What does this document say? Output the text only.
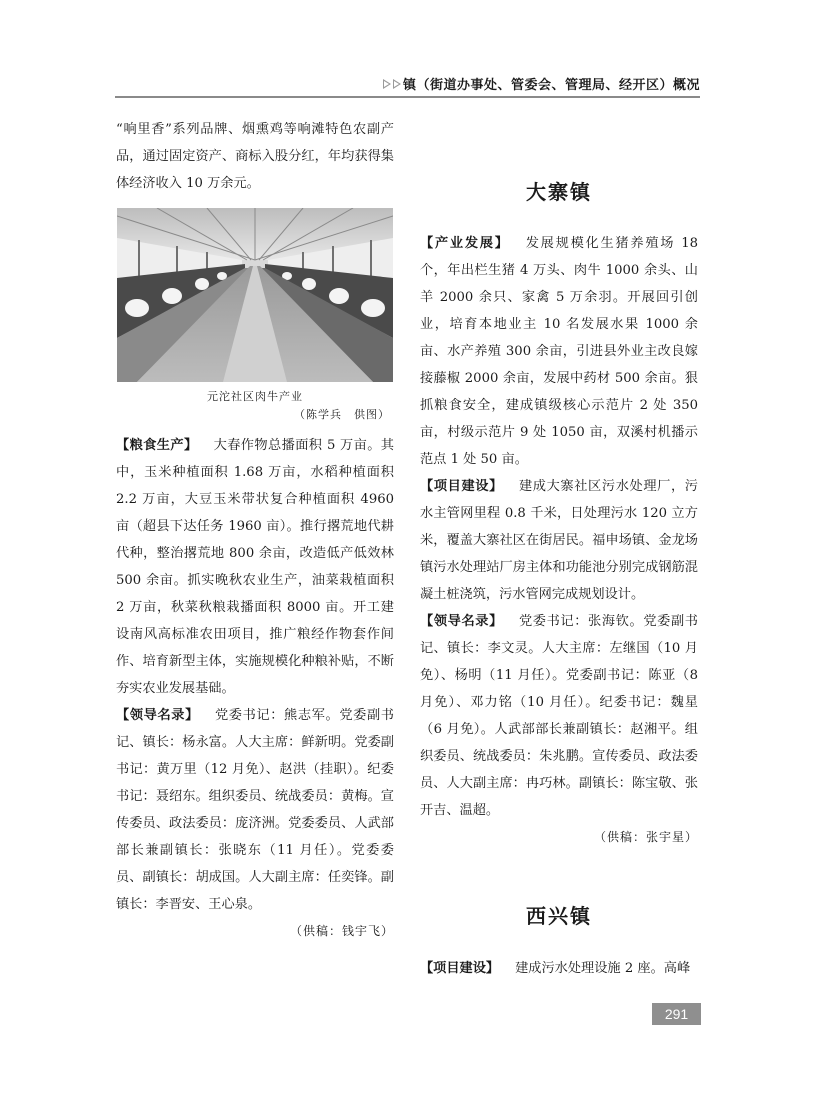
镇（街道办事处、管委会、管理局、经开区）概况

“响里香”系列品牌、烟熏鸡等响滩特色农副产品，通过固定资产、商标入股分红，年均获得集体经济收入 10 万余元。

元沱社区肉牛产业
（陈学兵　供图）

【粮食生产】 大春作物总播面积 5 万亩。其中，玉米种植面积 1.68 万亩，水稻种植面积 2.2 万亩，大豆玉米带状复合种植面积 4960 亩（超县下达任务 1960 亩）。推行撂荒地代耕代种，整治撂荒地 800 余亩，改造低产低效林 500 余亩。抓实晚秋农业生产，油菜栽植面积 2 万亩，秋菜秋粮栽播面积 8000 亩。开工建设南风高标准农田项目，推广粮经作物套作间作、培育新型主体，实施规模化种粮补贴，不断夯实农业发展基础。

【领导名录】 党委书记：熊志军。党委副书记、镇长：杨永富。人大主席：鲜新明。党委副书记：黄万里（12 月免）、赵洪（挂职）。纪委书记：聂绍东。组织委员、统战委员：黄梅。宣传委员、政法委员：庞济洲。党委委员、人武部部长兼副镇长：张晓东（11 月任）。党委委员、副镇长：胡成国。人大副主席：任奕锋。副镇长：李晋安、王心泉。

（供稿：钱宇飞）

大寨镇

【产业发展】 发展规模化生猪养殖场 18 个，年出栏生猪 4 万头、肉牛 1000 余头、山羊 2000 余只、家禽 5 万余羽。开展回引创业，培育本地业主 10 名发展水果 1000 余亩、水产养殖 300 余亩，引进县外业主改良嫁接藤椒 2000 余亩，发展中药材 500 余亩。狠抓粮食安全，建成镇级核心示范片 2 处 350 亩，村级示范片 9 处 1050 亩，双溪村机播示范点 1 处 50 亩。

【项目建设】 建成大寨社区污水处理厂，污水主管网里程 0.8 千米，日处理污水 120 立方米，覆盖大寨社区在街居民。福申场镇、金龙场镇污水处理站厂房主体和功能池分别完成钢筋混凝土桩浇筑，污水管网完成规划设计。

【领导名录】 党委书记：张海钦。党委副书记、镇长：李文灵。人大主席：左继国（10 月免）、杨明（11 月任）。党委副书记：陈亚（8 月免）、邓力铭（10 月任）。纪委书记：魏星（6 月免）。人武部部长兼副镇长：赵湘平。组织委员、统战委员：朱兆鹏。宣传委员、政法委员、人大副主席：冉巧林。副镇长：陈宝敬、张开吉、温超。

（供稿：张宇星）

西兴镇

【项目建设】 建成污水处理设施 2 座。高峰

291
